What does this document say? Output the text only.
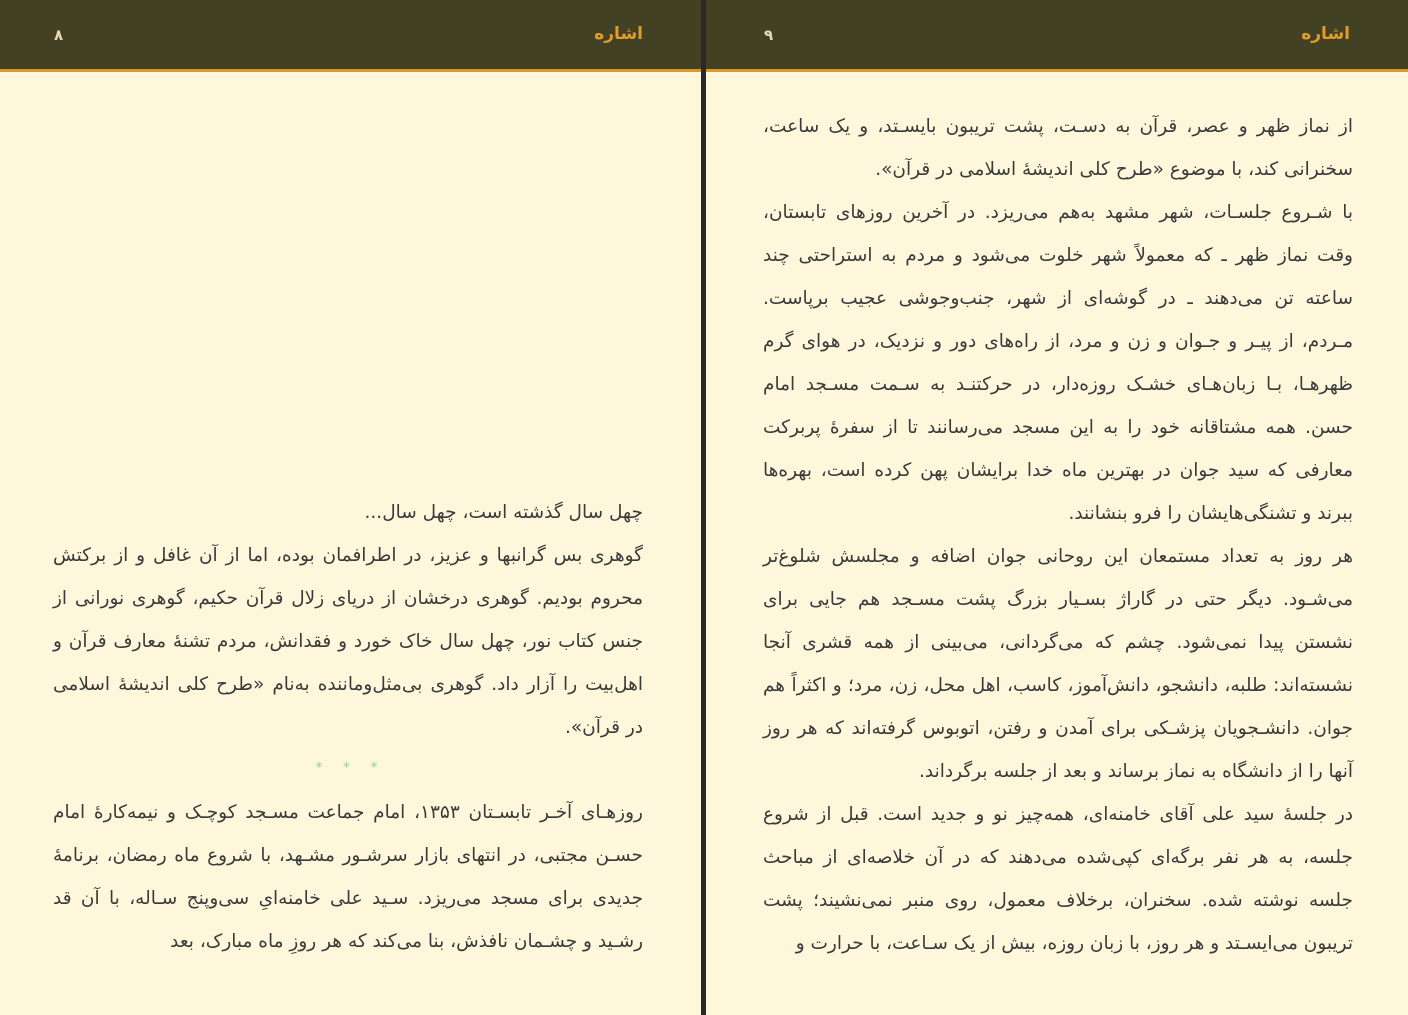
اشاره
۸

چهل سال گذشته است، چهل سال...

گوهری بس گرانبها و عزیز، در اطرافمان بوده، اما از آن غافل و از برکتش محروم بودیم. گوهری درخشان از دریای زلال قرآن حکیم، گوهری نورانی از جنس کتاب نور، چهل سال خاک خورد و فقدانش، مردم تشنهٔ معارف قرآن و اهل‌بیت را آزار داد. گوهری بی‌مثل‌وماننده به‌نام «طرح کلی اندیشهٔ اسلامی در قرآن».

* * *

روزهـای آخـر تابسـتان ۱۳۵۳، امام جماعت مسـجد کوچـک و نیمه‌کارهٔ امام حسـن مجتبی، در انتهای بازار سرشـور مشـهد، با شروع ماه رمضان، برنامهٔ جدیدی برای مسجد می‌ریزد. سـید علی خامنه‌ایِ سی‌وپنج سـاله، با آن قد رشـید و چشـمان نافذش، بنا می‌کند که هر روزِ ماه مبارک، بعد

اشاره
۹

از نماز ظهر و عصر، قرآن به دسـت، پشت تریبون بایسـتد، و یک ساعت، سخنرانی کند، با موضوع «طرح کلی اندیشهٔ اسلامی در قرآن».

با شـروع جلسـات، شهر مشهد به‌هم می‌ریزد. در آخرین روزهای تابستان، وقت نماز ظهر ـ که معمولاً شهر خلوت می‌شود و مردم به استراحتی چند ساعته تن می‌دهند ـ در گوشه‌ای از شهر، جنب‌وجوشی عجیب برپاست. مـردم، از پیـر و جـوان و زن و مرد، از راه‌های دور و نزدیک، در هوای گرم ظهرهـا، بـا زبان‌هـای خشـک روزه‌دار، در حرکتنـد به سـمت مسـجد امام حسن. همه مشتاقانه خود را به این مسجد می‌رسانند تا از سفرهٔ پربرکت معارفی که سید جوان در بهترین ماه خدا برایشان پهن کرده است، بهره‌ها ببرند و تشنگی‌هایشان را فرو بنشانند.

هر روز به تعداد مستمعان این روحانی جوان اضافه و مجلسش شلوغ‌تر می‌شـود. دیگر حتی در گاراژ بسـیار بزرگ پشت مسـجد هم جایی برای نشستن پیدا نمی‌شود. چشم که می‌گردانی، می‌بینی از همه قشری آنجا نشسته‌اند: طلبه، دانشجو، دانش‌آموز، کاسب، اهل محل، زن، مرد؛ و اکثراً هم جوان. دانشـجویان پزشـکی برای آمدن و رفتن، اتوبوس گرفته‌اند که هر روز آنها را از دانشگاه به نماز برساند و بعد از جلسه برگرداند.

در جلسهٔ سید علی آقای خامنه‌ای، همه‌چیز نو و جدید است. قبل از شروع جلسه، به هر نفر برگه‌ای کپی‌شده می‌دهند که در آن خلاصه‌ای از مباحث جلسه نوشته شده. سخنران، برخلاف معمول، روی منبر نمی‌نشیند؛ پشت تریبون می‌ایسـتد و هر روز، با زبان روزه، بیش از یک سـاعت، با حرارت و
